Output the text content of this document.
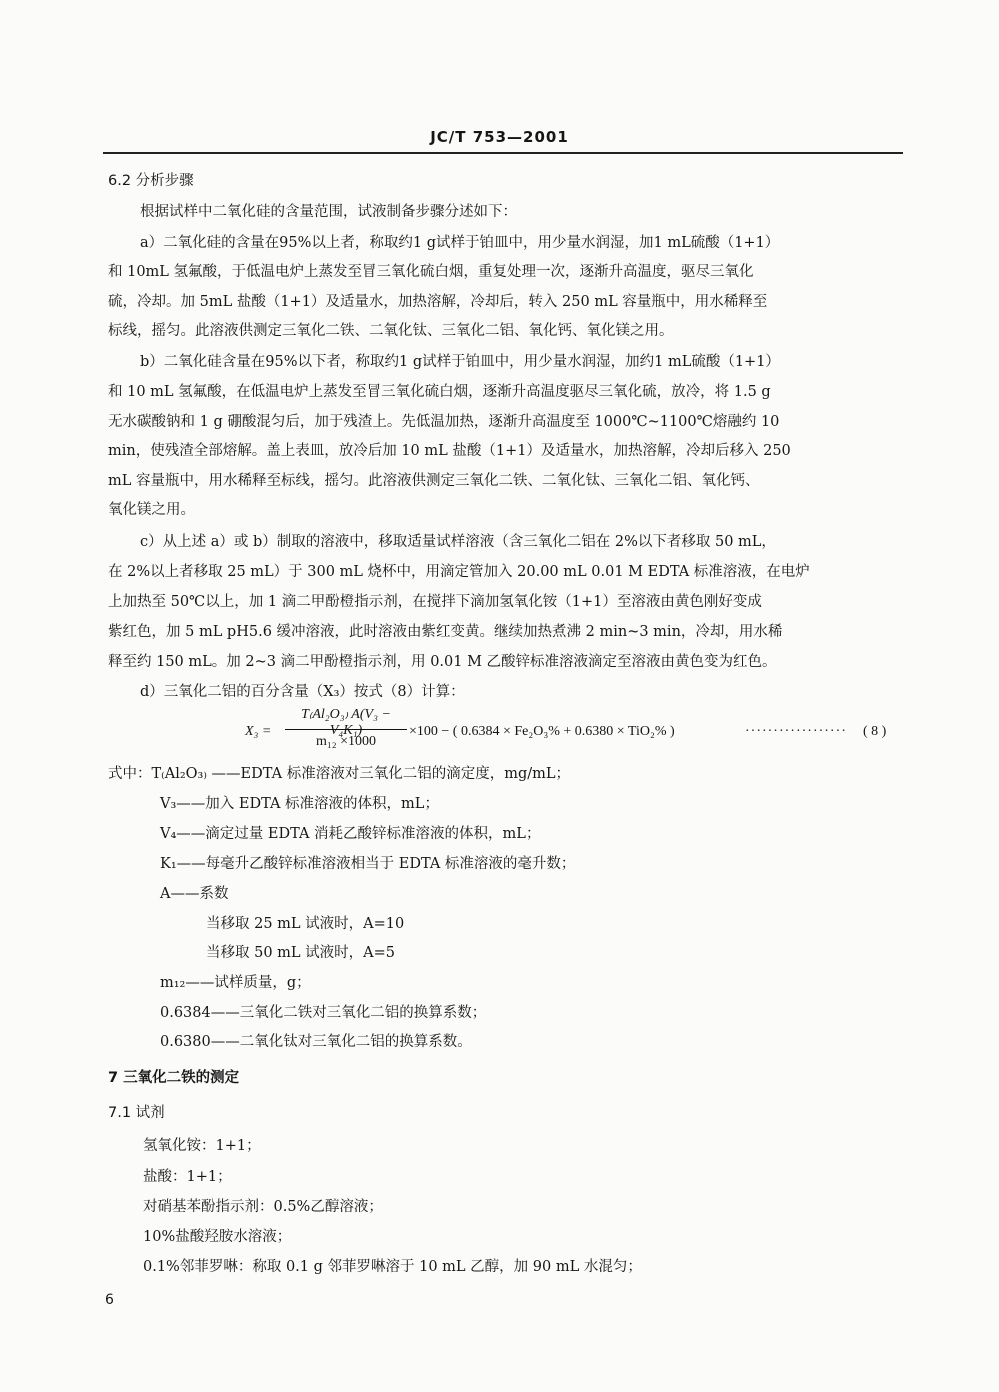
JC/T 753—2001
6.2 分析步骤
根据试样中二氧化硅的含量范围，试液制备步骤分述如下：
a）二氧化硅的含量在95%以上者，称取约1 g试样于铂皿中，用少量水润湿，加1 mL硫酸（1+1）
和 10mL 氢氟酸，于低温电炉上蒸发至冒三氧化硫白烟，重复处理一次，逐渐升高温度，驱尽三氧化
硫，冷却。加 5mL 盐酸（1+1）及适量水，加热溶解，冷却后，转入 250 mL 容量瓶中，用水稀释至
标线，摇匀。此溶液供测定三氧化二铁、二氧化钛、三氧化二铝、氧化钙、氧化镁之用。
b）二氧化硅含量在95%以下者，称取约1 g试样于铂皿中，用少量水润湿，加约1 mL硫酸（1+1）
和 10 mL 氢氟酸，在低温电炉上蒸发至冒三氧化硫白烟，逐渐升高温度驱尽三氧化硫，放冷，将 1.5 g
无水碳酸钠和 1 g 硼酸混匀后，加于残渣上。先低温加热，逐渐升高温度至 1000℃~1100℃熔融约 10
min，使残渣全部熔解。盖上表皿，放冷后加 10 mL 盐酸（1+1）及适量水，加热溶解，冷却后移入 250
mL 容量瓶中，用水稀释至标线，摇匀。此溶液供测定三氧化二铁、二氧化钛、三氧化二铝、氧化钙、
氧化镁之用。
c）从上述 a）或 b）制取的溶液中，移取适量试样溶液（含三氧化二铝在 2%以下者移取 50 mL，
在 2%以上者移取 25 mL）于 300 mL 烧杯中，用滴定管加入 20.00 mL 0.01 M EDTA 标准溶液，在电炉
上加热至 50℃以上，加 1 滴二甲酚橙指示剂，在搅拌下滴加氢氧化铵（1+1）至溶液由黄色刚好变成
紫红色，加 5 mL pH5.6 缓冲溶液，此时溶液由紫红变黄。继续加热煮沸 2 min~3 min，冷却，用水稀
释至约 150 mL。加 2~3 滴二甲酚橙指示剂，用 0.01 M 乙酸锌标准溶液滴定至溶液由黄色变为红色。
d）三氧化二铝的百分含量（X₃）按式（8）计算：
X₃ =
T₍Al₂O₃₎ A(V₃ − V₄K₁)
m₁₂ ×1000
×100 − ( 0.6384 × Fe₂O₃% + 0.6380 × TiO₂% )	·················· ( 8 )
式中：T₍Al₂O₃₎ ——EDTA 标准溶液对三氧化二铝的滴定度，mg/mL；
V₃——加入 EDTA 标准溶液的体积，mL；
V₄——滴定过量 EDTA 消耗乙酸锌标准溶液的体积，mL；
K₁——每毫升乙酸锌标准溶液相当于 EDTA 标准溶液的毫升数；
A——系数
当移取 25 mL 试液时，A=10
当移取 50 mL 试液时，A=5
m₁₂——试样质量，g；
0.6384——三氧化二铁对三氧化二铝的换算系数；
0.6380——二氧化钛对三氧化二铝的换算系数。
7 三氧化二铁的测定
7.1 试剂
氢氧化铵：1+1；
盐酸：1+1；
对硝基苯酚指示剂：0.5%乙醇溶液；
10%盐酸羟胺水溶液；
0.1%邻菲罗啉：称取 0.1 g 邻菲罗啉溶于 10 mL 乙醇，加 90 mL 水混匀；
6
